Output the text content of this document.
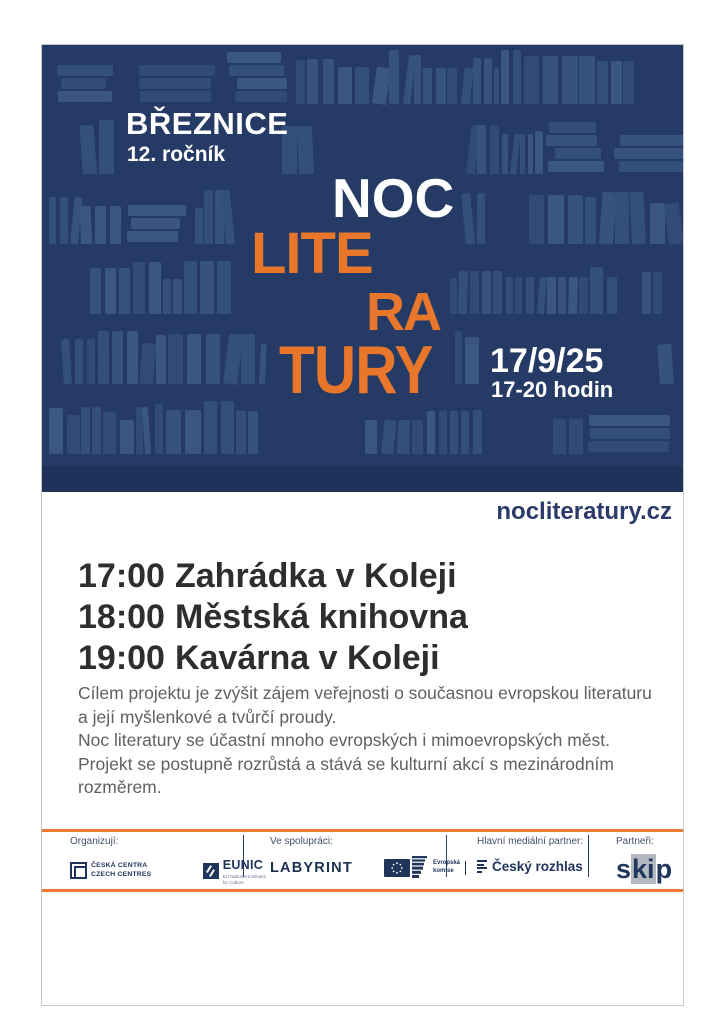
BŘEZNICE
12. ročník
NOC
LITE
RA
TURY 17/9/25
17-20 hodin
nocliteratury.cz
17:00 Zahrádka v Koleji
18:00 Městská knihovna
19:00 Kavárna v Koleji
Cílem projektu je zvýšit zájem veřejnosti o současnou evropskou literaturu
a její myšlenkové a tvůrčí proudy.
Noc literatury se účastní mnoho evropských i mimoevropských měst.
Projekt se postupně rozrůstá a stává se kulturní akcí s mezinárodním rozměrem.
Organizují:
ČESKÁ CENTRA
CZECH CENTRES
EUNIC
EU National Institutes
for Culture
Ve spolupráci:
LABYRINT	Evropská
komise
Hlavní mediální partner:
Český rozhlas
Partneři:
skip
